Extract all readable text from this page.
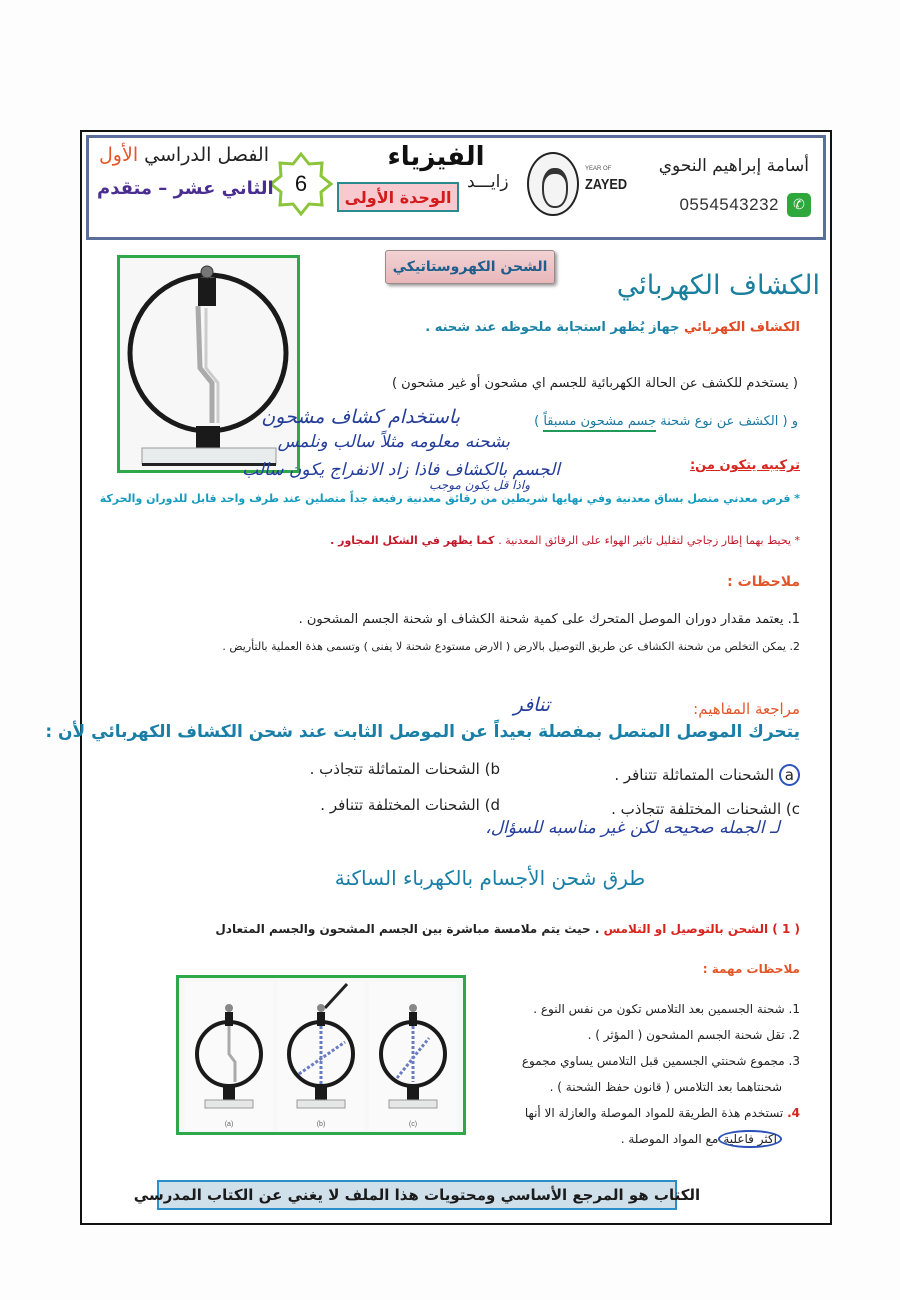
أسامة إبراهيم النحوي
0554543232	✆
زايـــد
YEAR OF
ZAYED
الفيزياء
الوحدة الأولى
6
الفصل الدراسي الأول
الثاني عشر – متقدم
الشحن الكهروستاتيكي
الكشاف الكهربائي
الكشاف الكهربائي جهاز يُظهر استجابة ملحوظه عند شحنه .
( يستخدم للكشف عن الحالة الكهربائية للجسم اي مشحون أو غير مشحون )
و ( الكشف عن نوع شحنة جسم مشحون مسبقاً )
باستخدام كشاف مشحون
بشحنه معلومه مثلاً سالب ونلمس
الجسم بالكشاف فاذا زاد الانفراج يكون سالب
واذا قل يكون موجب
تركيبه يتكون من:
* قرص معدني متصل بساق معدنية وفي نهايها شريطين من رقائق معدنية رفيعة جداً متصلين عند طرف واحد قابل للدوران والحركة
* يحيط بهما إطار زجاجي لتقليل تاثير الهواء على الرقائق المعدنية . كما يظهر في الشكل المجاور .
ملاحظات :
1. يعتمد مقدار دوران الموصل المتحرك على كمية شحنة الكشاف او شحنة الجسم المشحون .
2. يمكن التخلص من شحنة الكشاف عن طريق التوصيل بالارض ( الارض مستودع شحنة لا يفنى ) وتسمى هذة العملية بالتأريض .
مراجعة المفاهيم:
تنافر
يتحرك الموصل المتصل بمفصلة بعيداً عن الموصل الثابت عند شحن الكشاف الكهربائي لأن :
a الشحنات المتماثلة تتنافر .
b) الشحنات المتماثلة تتجاذب .
c) الشحنات المختلفة تتجاذب .
d) الشحنات المختلفة تتنافر .
لـ الجمله صحيحه لكن غير مناسبه للسؤال،
طرق شحن الأجسام بالكهرباء الساكنة
( 1 ) الشحن بالتوصيل او التلامس . حيث يتم ملامسة مباشرة بين الجسم المشحون والجسم المتعادل
ملاحظات مهمة :
(a)	(b)	(c)
1. شحنة الجسمين بعد التلامس تكون من نفس النوع .
2. تقل شحنة الجسم المشحون ( المؤثر ) .
3. مجموع شحنتي الجسمين قبل التلامس يساوي مجموع
شحنتاهما بعد التلامس ( قانون حفظ الشحنة ) .
4. تستخدم هذة الطريقة للمواد الموصلة والعازلة الا أنها
اكثر فاعليةمع المواد الموصلة .
الكتاب هو المرجع الأساسي ومحتويات هذا الملف لا يغني عن الكتاب المدرسي
